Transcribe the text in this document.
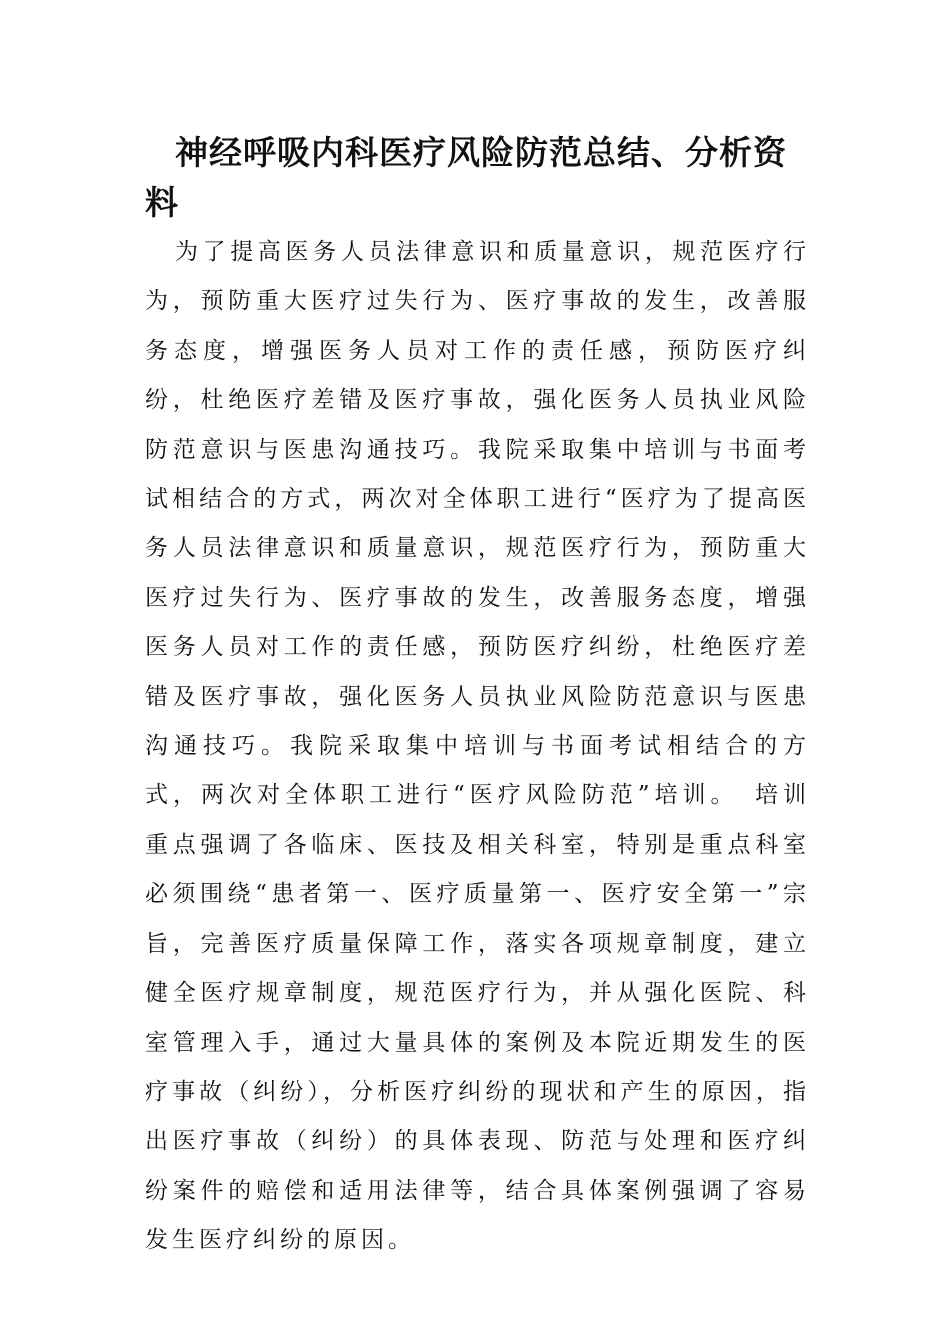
神经呼吸内科医疗风险防范总结、分析资料

为了提高医务人员法律意识和质量意识，规范医疗行为，预防重大医疗过失行为、医疗事故的发生，改善服务态度，增强医务人员对工作的责任感，预防医疗纠纷，杜绝医疗差错及医疗事故，强化医务人员执业风险防范意识与医患沟通技巧。我院采取集中培训与书面考试相结合的方式，两次对全体职工进行“医疗为了提高医务人员法律意识和质量意识，规范医疗行为，预防重大医疗过失行为、医疗事故的发生，改善服务态度，增强医务人员对工作的责任感，预防医疗纠纷，杜绝医疗差错及医疗事故，强化医务人员执业风险防范意识与医患沟通技巧。我院采取集中培训与书面考试相结合的方式，两次对全体职工进行“医疗风险防范”培训。　培训重点强调了各临床、医技及相关科室，特别是重点科室必须围绕“患者第一、医疗质量第一、医疗安全第一”宗旨，完善医疗质量保障工作，落实各项规章制度，建立健全医疗规章制度，规范医疗行为，并从强化医院、科室管理入手，通过大量具体的案例及本院近期发生的医疗事故（纠纷），分析医疗纠纷的现状和产生的原因，指出医疗事故（纠纷）的具体表现、防范与处理和医疗纠纷案件的赔偿和适用法律等，结合具体案例强调了容易发生医疗纠纷的原因。
